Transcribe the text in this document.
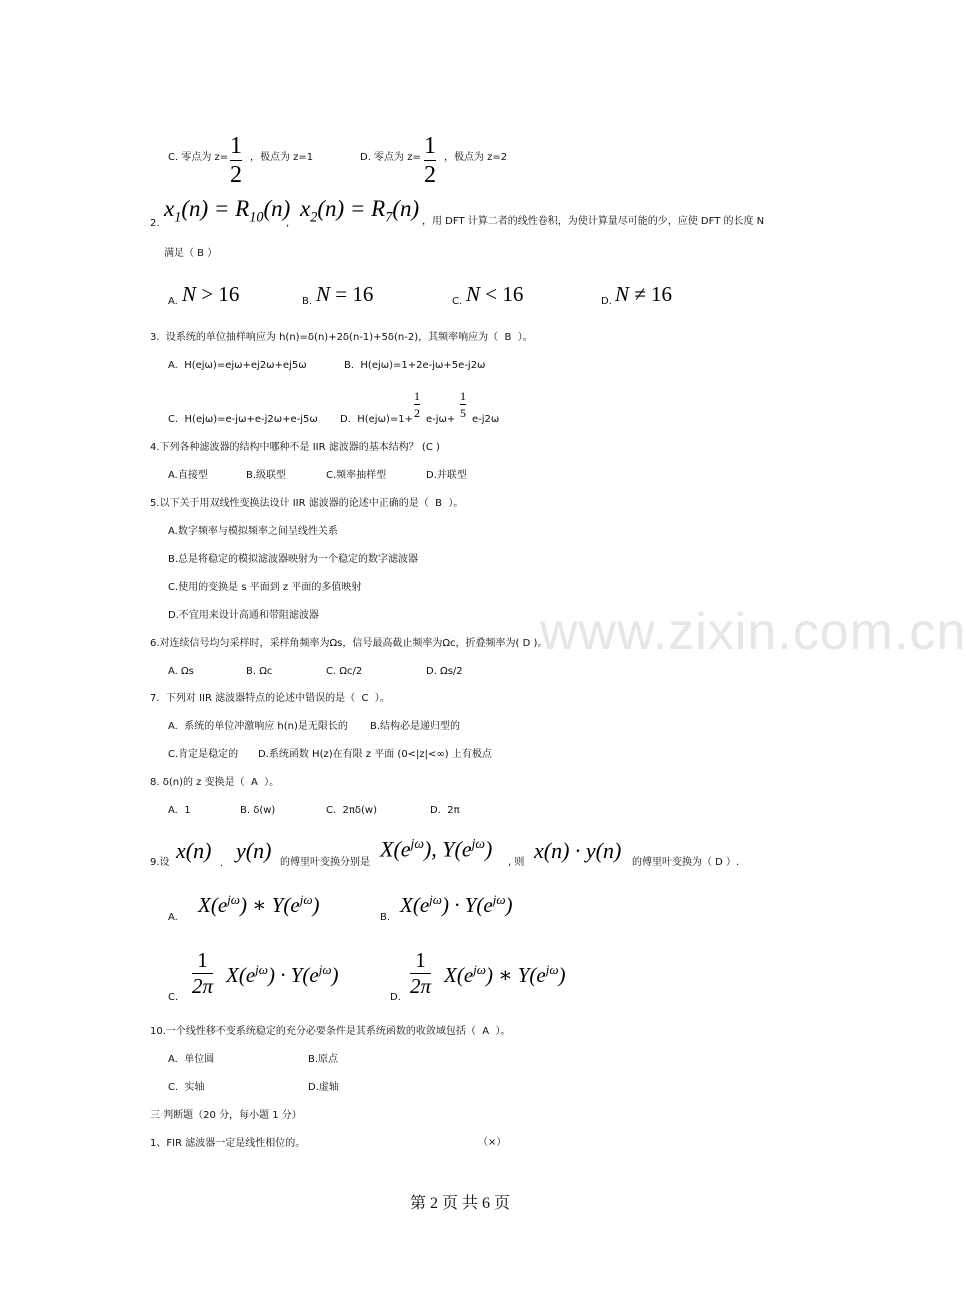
www.zixin.com.cn
C. 零点为 z= 1
2
，极点为 z=1	D. 零点为 z= 1
2
，极点为 z=2
2.
$x_1(n) = R_{10}(n)$
,
$x_2(n) = R_7(n)$
，用 DFT 计算二者的线性卷积，为使计算量尽可能的少，应使 DFT 的长度 N
满足（ B ）
A. N > 16	B. N = 16	C. N < 16	D. N ≠ 16
3.  设系统的单位抽样响应为 h(n)=δ(n)+2δ(n-1)+5δ(n-2)，其频率响应为（  B  ）。
A.  H(ejω)=ejω+ej2ω+ej5ω	B.  H(ejω)=1+2e-jω+5e-j2ω
C.  H(ejω)=e-jω+e-j2ω+e-j5ω D.  H(ejω)=1+
1
2 e-jω+
1
5 e-j2ω
4.下列各种滤波器的结构中哪种不是 IIR 滤波器的基本结构？ (C )
A.直接型	B.级联型	C.频率抽样型	D.并联型
5.以下关于用双线性变换法设计 IIR 滤波器的论述中正确的是（  B  ）。
A.数字频率与模拟频率之间呈线性关系
B.总是将稳定的模拟滤波器映射为一个稳定的数字滤波器
C.使用的变换是 s 平面到 z 平面的多值映射
D.不宜用来设计高通和带阻滤波器
6.对连续信号均匀采样时，采样角频率为Ωs，信号最高截止频率为Ωc，折叠频率为( D )。
A. Ωs	B. Ωc	C. Ωc/2	D. Ωs/2
7.  下列对 IIR 滤波器特点的论述中错误的是（  C  ）。
A.  系统的单位冲激响应 h(n)是无限长的 B.结构必是递归型的
C.肯定是稳定的 D.系统函数 H(z)在有限 z 平面 (0<|z|<∞) 上有极点
8. δ(n)的 z 变换是（  A  ）。
A.  1	B. δ(w)	C.  2πδ(w)	D.  2π
9.设 x(n)
.
y(n) 的傅里叶变换分别是
$X(e^{j\omega})$, $Y(e^{j\omega})$
, 则 x(n) · y(n) 的傅里叶变换为（ D ）.
A.
$X(e^{j\omega})$ ∗ $Y(e^{j\omega})$
B.
$X(e^{j\omega}) \cdot Y(e^{j\omega})$
C.
1
2π $X(e^{j\omega}) \cdot Y(e^{j\omega})$
D.
1
2π $X(e^{j\omega})$ ∗ $Y(e^{j\omega})$
10.一个线性移不变系统稳定的充分必要条件是其系统函数的收敛域包括（  A  ）。
A.  单位圆	B.原点
C.  实轴	D.虚轴
三 判断题（20 分，每小题 1 分）
1、FIR 滤波器一定是线性相位的。	（×）
第 2 页 共 6 页
